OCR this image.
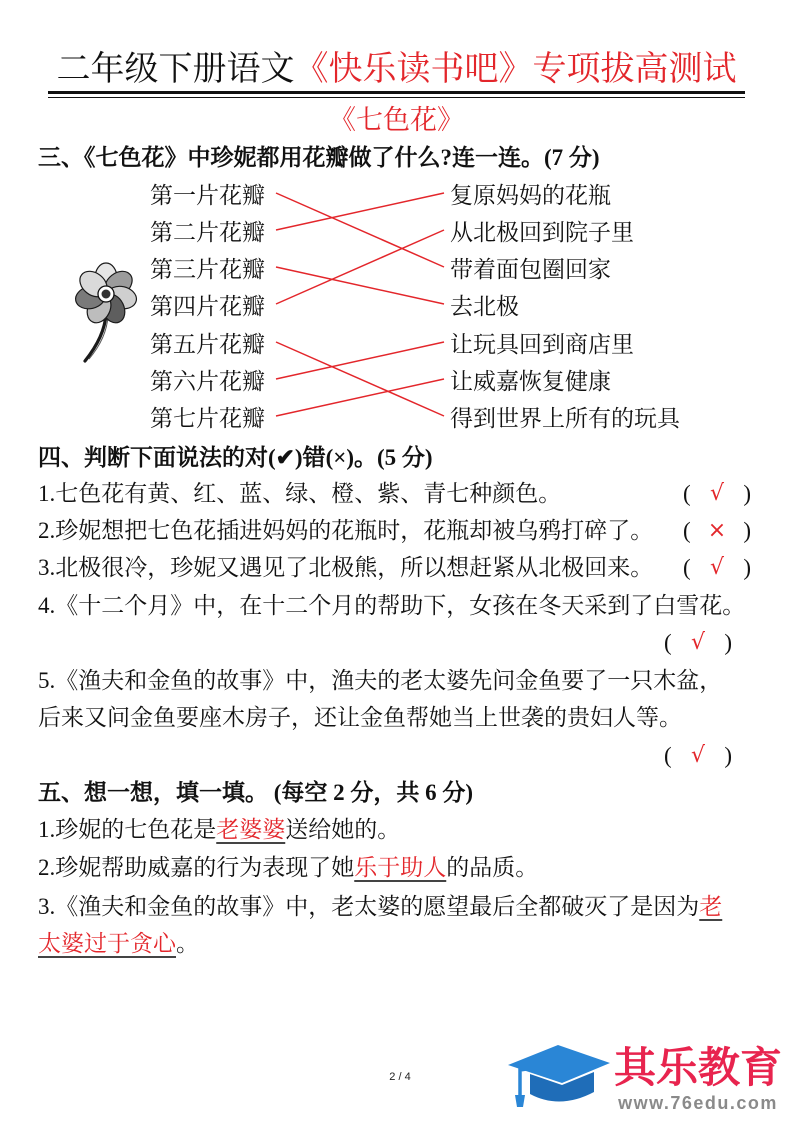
二年级下册语文《快乐读书吧》专项拔高测试
《七色花》
三、《七色花》中珍妮都用花瓣做了什么?连一连。(7 分)
第一片花瓣
第二片花瓣
第三片花瓣
第四片花瓣
第五片花瓣
第六片花瓣
第七片花瓣
复原妈妈的花瓶
从北极回到院子里
带着面包圈回家
去北极
让玩具回到商店里
让威嘉恢复健康
得到世界上所有的玩具
四、判断下面说法的对(✔)错(×)。(5 分)
1.七色花有黄、红、蓝、绿、橙、紫、青七种颜色。	( √ )
2.珍妮想把七色花插进妈妈的花瓶时，花瓶却被乌鸦打碎了。 ( × )
3.北极很冷，珍妮又遇见了北极熊，所以想赶紧从北极回来。 ( √ )
4.《十二个月》中，在十二个月的帮助下，女孩在冬天采到了白雪花。
( √ )
5.《渔夫和金鱼的故事》中，渔夫的老太婆先问金鱼要了一只木盆，
后来又问金鱼要座木房子，还让金鱼帮她当上世袭的贵妇人等。
( √ )
五、想一想，填一填。 (每空 2 分，共 6 分)
1.珍妮的七色花是老婆婆送给她的。
2.珍妮帮助威嘉的行为表现了她乐于助人的品质。
3.《渔夫和金鱼的故事》中，老太婆的愿望最后全都破灭了是因为老
太婆过于贪心。
2 / 4	其乐教育
www.76edu.com
